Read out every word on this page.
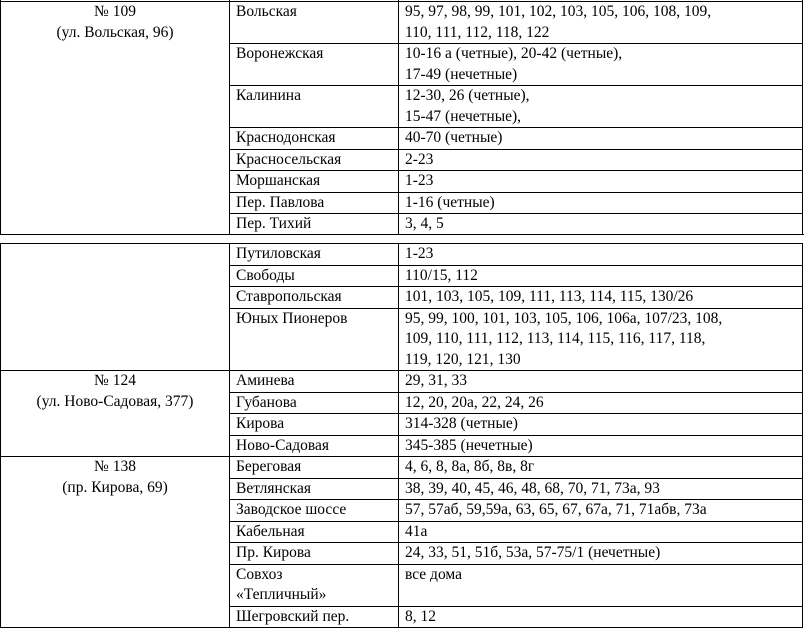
№ 109
(ул. Вольская, 96)	Вольская	95, 97, 98, 99, 101, 102, 103, 105, 106, 108, 109,
110, 111, 112, 118, 122

	Воронежская	10-16 а (четные), 20-42 (четные),
17-49 (нечетные)

	Калинина	12-30, 26 (четные),
15-47 (нечетные),

	Краснодонская	40-70 (четные)

	Красносельская	2-23

	Моршанская	1-23

	Пер. Павлова	1-16 (четные)

	Пер. Тихий	3, 4, 5

	Путиловская	1-23

	Свободы	110/15, 112

	Ставропольская	101, 103, 105, 109, 111, 113, 114, 115, 130/26

	Юных Пионеров	95, 99, 100, 101, 103, 105, 106, 106а, 107/23, 108,
109, 110, 111, 112, 113, 114, 115, 116, 117, 118,
119, 120, 121, 130

№ 124
(ул. Ново-Садовая, 377)	Аминева	29, 31, 33

	Губанова	12, 20, 20а, 22, 24, 26

	Кирова	314-328 (четные)

	Ново-Садовая	345-385 (нечетные)

№ 138
(пр. Кирова, 69)	Береговая	4, 6, 8, 8а, 8б, 8в, 8г

	Ветлянская	38, 39, 40, 45, 46, 48, 68, 70, 71, 73а, 93

	Заводское шоссе	57, 57аб, 59,59а, 63, 65, 67, 67а, 71, 71абв, 73а

	Кабельная	41а

	Пр. Кирова	24, 33, 51, 51б, 53а, 57-75/1 (нечетные)

	Совхоз
«Тепличный»	все дома

	Шегровский пер.	8, 12
